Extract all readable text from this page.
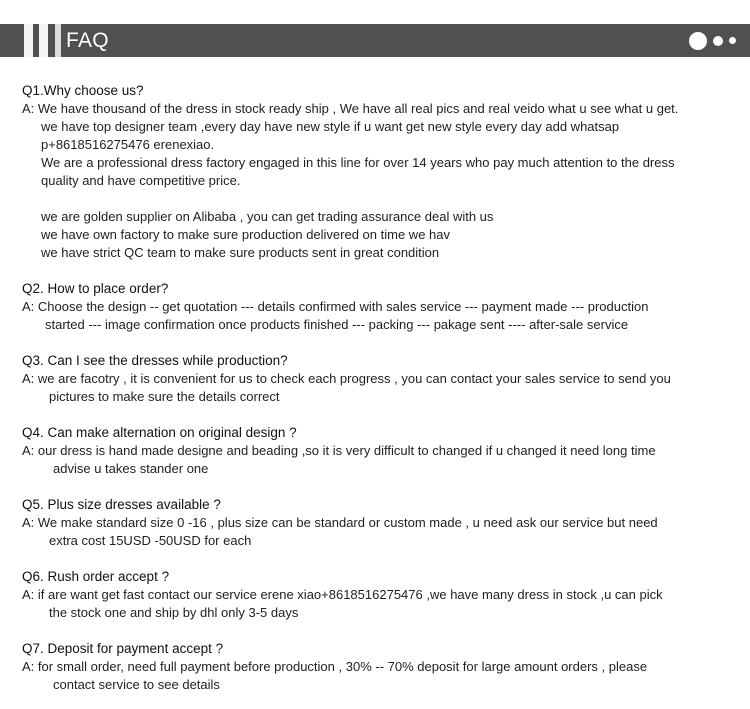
FAQ

Q1.Why choose us?

A: We have thousand of the dress in stock ready ship , We have all real pics and real veido what u see what u get.

we have top designer team ,every day have new style if u want get new style every day add whatsap

p+8618516275476 erenexiao.

We are a professional dress factory engaged in this line for over 14 years who pay much attention to the dress

quality and have competitive price.

we are golden supplier on Alibaba , you can get trading assurance deal with us

we have own factory to make sure production delivered on time we hav

we have strict QC team to make sure products sent in great condition

Q2. How to place order?

A: Choose the design -- get quotation --- details confirmed with sales service --- payment made --- production

started --- image confirmation once products finished --- packing --- pakage sent ---- after-sale service

Q3. Can I see the dresses while production?

A: we are facotry , it is convenient for us to check each progress , you can contact your sales service to send you

pictures to make sure the details correct

Q4. Can make alternation on original design ?

A: our dress is hand made designe and beading ,so it is very difficult to changed if u changed it need long time

advise u takes stander one

Q5. Plus size dresses available ?

A: We make standard size 0 -16 , plus size can be standard or custom made , u need ask our service but need

extra cost 15USD -50USD for each

Q6. Rush order accept ?

A: if are want get fast contact our service erene xiao+8618516275476 ,we have many dress in stock ,u can pick

the stock one and ship by dhl only 3-5 days

Q7. Deposit for payment accept ?

A: for small order, need full payment before production , 30% -- 70% deposit for large amount orders , please

contact service to see details
